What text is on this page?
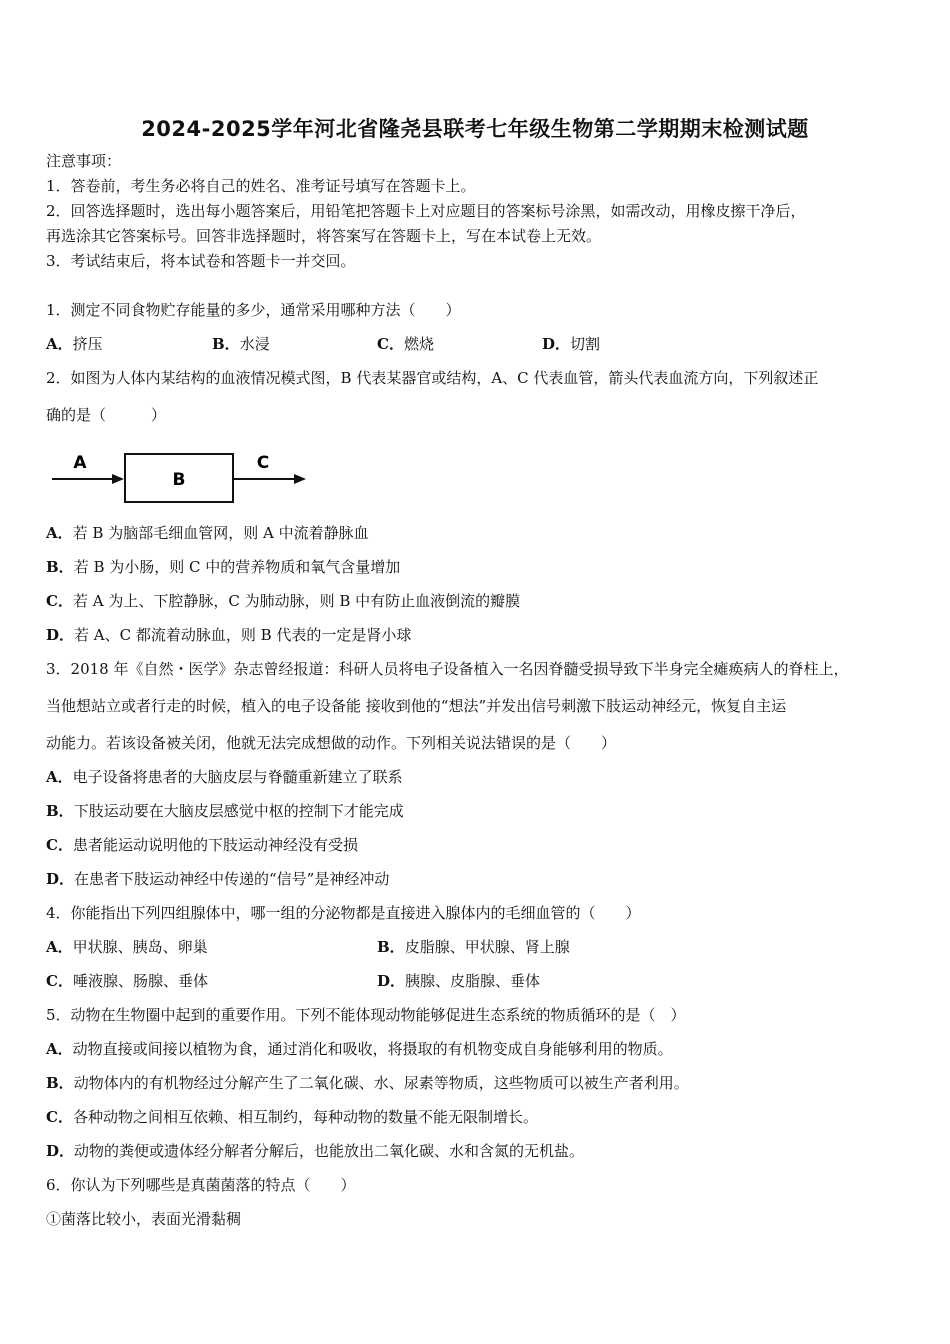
2024-2025学年河北省隆尧县联考七年级生物第二学期期末检测试题
注意事项：
1．答卷前，考生务必将自己的姓名、准考证号填写在答题卡上。
2．回答选择题时，选出每小题答案后，用铅笔把答题卡上对应题目的答案标号涂黑，如需改动，用橡皮擦干净后，
再选涂其它答案标号。回答非选择题时，将答案写在答题卡上，写在本试卷上无效。
3．考试结束后，将本试卷和答题卡一并交回。
1．测定不同食物贮存能量的多少，通常采用哪种方法（　　）
A．挤压	B．水浸	C．燃烧	D．切割
2．如图为人体内某结构的血液情况模式图，B 代表某器官或结构，A、C 代表血管，箭头代表血流方向，下列叙述正
确的是（　　　）
A
B
C
A．若 B 为脑部毛细血管网，则 A 中流着静脉血
B．若 B 为小肠，则 C 中的营养物质和氧气含量增加
C．若 A 为上、下腔静脉，C 为肺动脉，则 B 中有防止血液倒流的瓣膜
D．若 A、C 都流着动脉血，则 B 代表的一定是肾小球
3．2018 年《自然・医学》杂志曾经报道：科研人员将电子设备植入一名因脊髓受损导致下半身完全瘫痪病人的脊柱上，
当他想站立或者行走的时候，植入的电子设备能 接收到他的“想法”并发出信号刺激下肢运动神经元，恢复自主运
动能力。若该设备被关闭，他就无法完成想做的动作。下列相关说法错误的是（　　）
A．电子设备将患者的大脑皮层与脊髓重新建立了联系
B．下肢运动要在大脑皮层感觉中枢的控制下才能完成
C．患者能运动说明他的下肢运动神经没有受损
D．在患者下肢运动神经中传递的“信号”是神经冲动
4．你能指出下列四组腺体中，哪一组的分泌物都是直接进入腺体内的毛细血管的（　　）
A．甲状腺、胰岛、卵巢	B．皮脂腺、甲状腺、肾上腺
C．唾液腺、肠腺、垂体	D．胰腺、皮脂腺、垂体
5．动物在生物圈中起到的重要作用。下列不能体现动物能够促进生态系统的物质循环的是（　）
A．动物直接或间接以植物为食，通过消化和吸收，将摄取的有机物变成自身能够利用的物质。
B．动物体内的有机物经过分解产生了二氧化碳、水、尿素等物质，这些物质可以被生产者利用。
C．各种动物之间相互依赖、相互制约，每种动物的数量不能无限制增长。
D．动物的粪便或遗体经分解者分解后，也能放出二氧化碳、水和含氮的无机盐。
6．你认为下列哪些是真菌菌落的特点（　　）
①菌落比较小，表面光滑黏稠
